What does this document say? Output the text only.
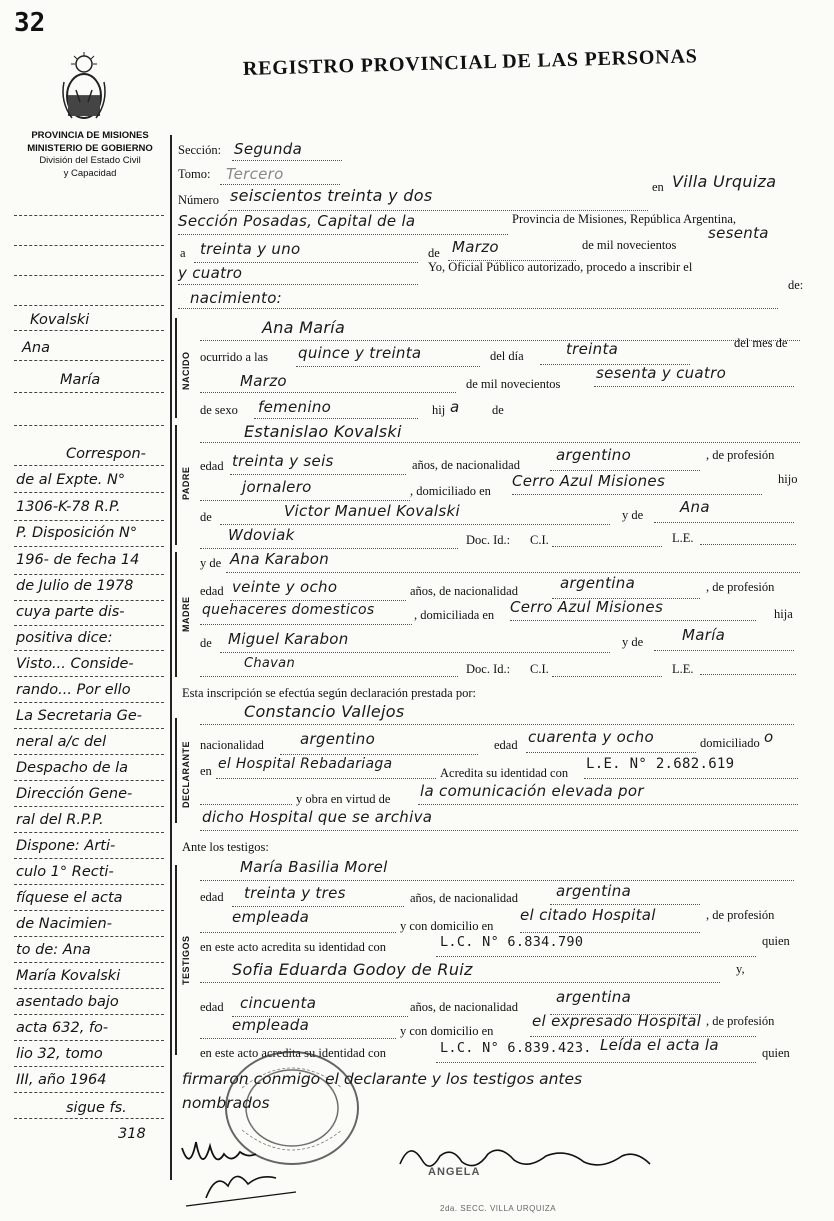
32
REGISTRO PROVINCIAL DE LAS PERSONAS
PROVINCIA DE MISIONES
MINISTERIO DE GOBIERNO
División del Estado Civil
y Capacidad
Kovalski
Ana
María
Correspon-
de al Expte. N°
1306-K-78 R.P.
P. Disposición N°
196- de fecha 14
de Julio de 1978
cuya parte dis-
positiva dice:
Visto... Conside-
rando... Por ello
La Secretaria Ge-
neral a/c del
Despacho de la
Dirección Gene-
ral del R.P.P.
Dispone: Arti-
culo 1° Recti-
fíquese el acta
de Nacimien-
to de: Ana
María Kovalski
asentado bajo
acta 632, fo-
lio 32, tomo
III, año 1964
sigue fs.
318
NACIDO
PADRE
MADRE
DECLARANTE
TESTIGOS
Sección: Segunda
Tomo: Tercero
Número seiscientos treinta y dos	en Villa Urquiza
Sección Posadas, Capital de la	Provincia de Misiones, República Argentina,
a treinta y uno	de Marzo	de mil novecientos
sesenta
y cuatro	Yo, Oficial Público autorizado, procedo a inscribir el
nacimiento:
de:
Ana María
ocurrido a las quince y treinta	del día	treinta	del mes de
Marzo	de mil novecientos
sesenta y cuatro
de sexo femenino	hij a	de
Estanislao Kovalski
edad treinta y seis	años, de nacionalidad
argentino	, de profesión
jornalero	, domiciliado en
Cerro Azul Misiones	hijo
de	Victor Manuel Kovalski	y de Ana
Wdoviak	Doc. Id.: C.I.	L.E.
y de Ana Karabon
edad veinte y ocho	años, de nacionalidad	argentina	, de profesión
quehaceres domesticos	, domiciliada en Cerro Azul Misiones	hija
de Miguel Karabon	y de	María
Chavan	Doc. Id.: C.I.	L.E.
Esta inscripción se efectúa según declaración prestada por:
Constancio Vallejos
nacionalidad argentino	edad cuarenta y ocho	domiciliado o
en el Hospital Rebadariaga
Acredita su identidad con
L.E. N° 2.682.619
y obra en virtud de la comunicación elevada por
dicho Hospital que se archiva
Ante los testigos:
María Basilia Morel
edad treinta y tres	años, de nacionalidad	argentina
, de profesión
empleada	y con domicilio en
el citado Hospital
en este acto acredita su identidad con	L.C. N° 6.834.790	quien
Sofia Eduarda Godoy de Ruiz	y,
edad cincuenta	años, de nacionalidad
argentina
, de profesión
empleada	y con domicilio en
el expresado Hospital
en este acto acredita su identidad con	L.C. N° 6.839.423. Leída el acta la	quien
firmaron conmigo el declarante y los testigos antes
nombrados
ANGELA
2da. SECC. VILLA URQUIZA
